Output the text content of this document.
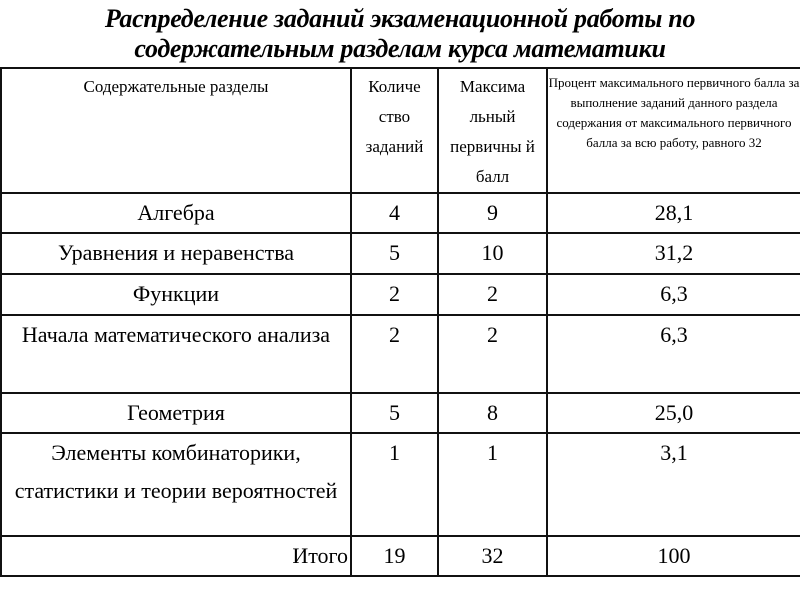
Распределение заданий экзаменационной работы по
содержательным разделам курса математики
Содержательные разделы	Количе ство заданий	Максима льный первичны й балл	Процент максимального первичного балла за выполнение заданий данного раздела содержания от максимального первичного балла за всю работу, равного 32
Алгебра	4	9	28,1
Уравнения и неравенства	5	10	31,2
Функции	2	2	6,3
Начала математического анализа	2	2	6,3
Геометрия	5	8	25,0
Элементы комбинаторики, статистики и теории вероятностей	1	1	3,1
Итого	19	32	100
